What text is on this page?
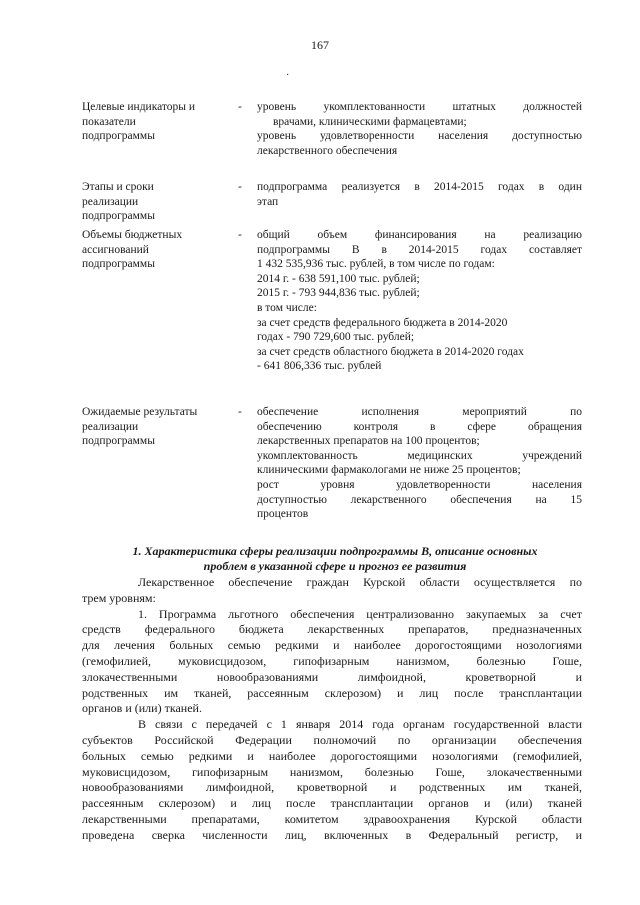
167
·
Целевые индикаторы и
показатели
подпрограммы
- уровень укомплектованности штатных должностей
врачами, клиническими фармацевтами;
уровень удовлетворенности населения доступностью
лекарственного обеспечения
Этапы и сроки
реализации
подпрограммы
- подпрограмма реализуется в 2014-2015 годах в один
этап
Объемы бюджетных
ассигнований
подпрограммы
- общий объем финансирования на реализацию
подпрограммы В в 2014-2015 годах составляет
1 432 535,936 тыс. рублей, в том числе по годам:
2014 г. - 638 591,100 тыс. рублей;
2015 г. - 793 944,836 тыс. рублей;
в том числе:
за счет средств федерального бюджета в 2014-2020
годах - 790 729,600 тыс. рублей;
за счет средств областного бюджета в 2014-2020 годах
- 641 806,336 тыс. рублей
Ожидаемые результаты
реализации
подпрограммы
- обеспечение исполнения мероприятий по
обеспечению контроля в сфере обращения
лекарственных препаратов на 100 процентов;
укомплектованность медицинских учреждений
клиническими фармакологами не ниже 25 процентов;
рост уровня удовлетворенности населения
доступностью лекарственного обеспечения на 15
процентов
1. Характеристика сферы реализации подпрограммы В, описание основных
проблем в указанной сфере и прогноз ее развития
Лекарственное обеспечение граждан Курской области осуществляется по
трем уровням:
1. Программа льготного обеспечения централизованно закупаемых за счет
средств федерального бюджета лекарственных препаратов, предназначенных
для лечения больных семью редкими и наиболее дорогостоящими нозологиями
(гемофилией, муковисцидозом, гипофизарным нанизмом, болезнью Гоше,
злокачественными новообразованиями лимфоидной, кроветворной и
родственных им тканей, рассеянным склерозом) и лиц после трансплантации
органов и (или) тканей.
В связи с передачей с 1 января 2014 года органам государственной власти
субъектов Российской Федерации полномочий по организации обеспечения
больных семью редкими и наиболее дорогостоящими нозологиями (гемофилией,
муковисцидозом, гипофизарным нанизмом, болезнью Гоше, злокачественными
новообразованиями лимфоидной, кроветворной и родственных им тканей,
рассеянным склерозом) и лиц после трансплантации органов и (или) тканей
лекарственными препаратами, комитетом здравоохранения Курской области
проведена сверка численности лиц, включенных в Федеральный регистр, и
